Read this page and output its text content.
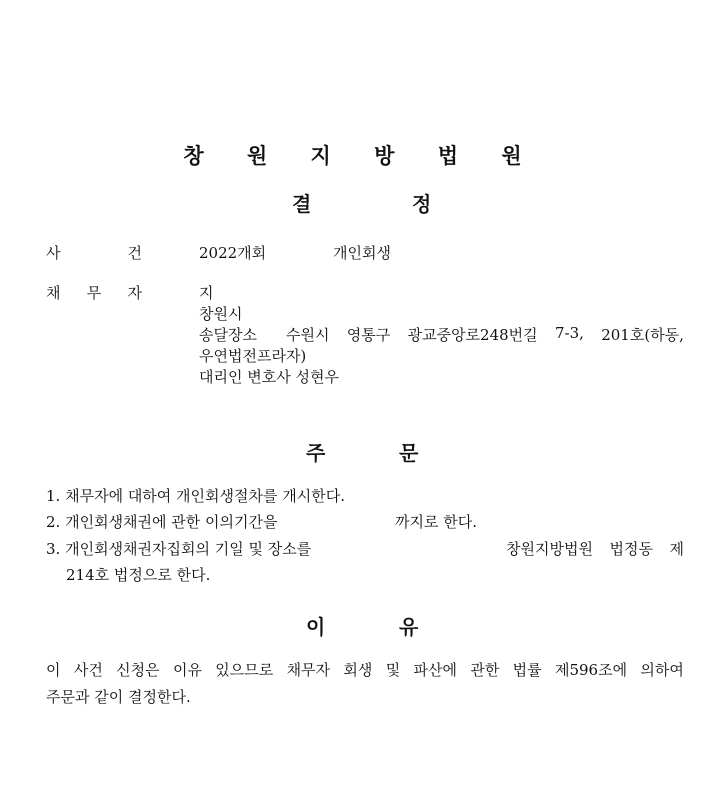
창 원 지 방 법 원
결	정
사	건	2022개회	개인회생
채 무 자	지
창원시
송달장소 수원시 영통구 광교중앙로248번길 7-3, 201호(하동,
우연법전프라자)
대리인 변호사 성현우
주	문
1. 채무자에 대하여 개인회생절차를 개시한다.
2. 개인회생채권에 관한 이의기간을	까지로 한다.
3. 개인회생채권자집회의 기일 및 장소를	창원지방법원 법정동 제
214호 법정으로 한다.
이	유
이 사건 신청은 이유 있으므로 채무자 회생 및 파산에 관한 법률 제596조에 의하여
주문과 같이 결정한다.
